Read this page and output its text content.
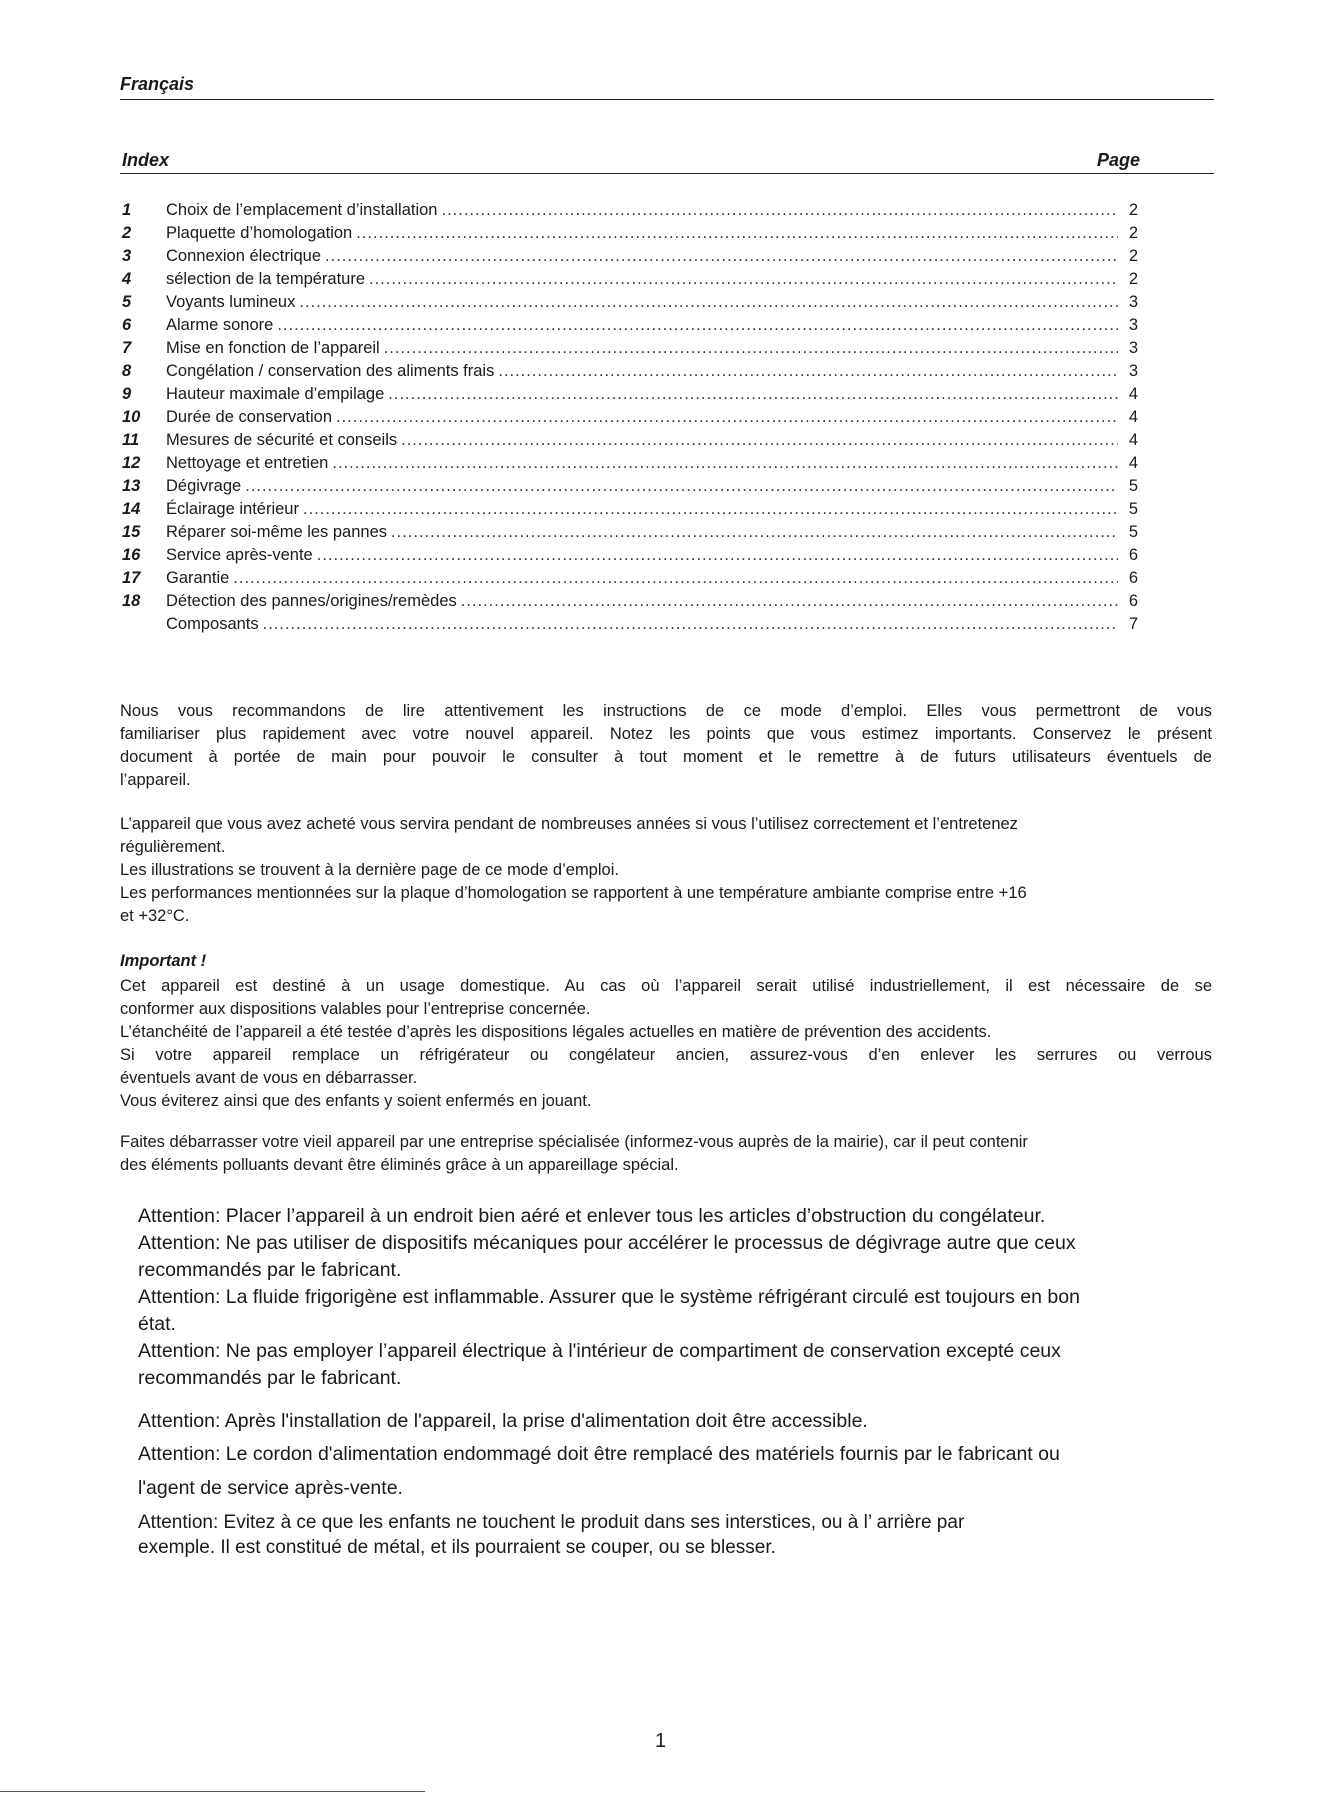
Français
Index	Page
1	Choix de l’emplacement d’installation .....	2
2	Plaquette d’homologation .....	2
3	Connexion électrique .....	2
4	sélection de la température .....	2
5	Voyants lumineux .....	3
6	Alarme sonore .....	3
7	Mise en fonction de l’appareil .....	3
8	Congélation / conservation des aliments frais .....	3
9	Hauteur maximale d’empilage .....	4
10	Durée de conservation .....	4
11	Mesures de sécurité et conseils .....	4
12	Nettoyage et entretien .....	4
13	Dégivrage .....	5
14	Éclairage intérieur .....	5
15	Réparer soi-même les pannes .....	5
16	Service après-vente .....	6
17	Garantie .....	6
18	Détection des pannes/origines/remèdes .....	6
Composants .....	7
Nous vous recommandons de lire attentivement les instructions de ce mode d’emploi. Elles vous permettront de vous
familiariser plus rapidement avec votre nouvel appareil. Notez les points que vous estimez importants. Conservez le présent
document à portée de main pour pouvoir le consulter à tout moment et le remettre à de futurs utilisateurs éventuels de
l’appareil.
L’appareil que vous avez acheté vous servira pendant de nombreuses années si vous l’utilisez correctement et l’entretenez
régulièrement.
Les illustrations se trouvent à la dernière page de ce mode d’emploi.
Les performances mentionnées sur la plaque d’homologation se rapportent à une température ambiante comprise entre +16
et +32°C.
Important !
Cet appareil est destiné à un usage domestique. Au cas où l’appareil serait utilisé industriellement, il est nécessaire de se
conformer aux dispositions valables pour l’entreprise concernée.
L’étanchéité de l’appareil a été testée d’après les dispositions légales actuelles en matière de prévention des accidents.
Si votre appareil remplace un réfrigérateur ou congélateur ancien, assurez-vous d’en enlever les serrures ou verrous
éventuels avant de vous en débarrasser.
Vous éviterez ainsi que des enfants y soient enfermés en jouant.
Faites débarrasser votre vieil appareil par une entreprise spécialisée (informez-vous auprès de la mairie), car il peut contenir
des éléments polluants devant être éliminés grâce à un appareillage spécial.
Attention: Placer l’appareil à un endroit bien aéré et enlever tous les articles d’obstruction du congélateur.
Attention: Ne pas utiliser de dispositifs mécaniques pour accélérer le processus de dégivrage autre que ceux
recommandés par le fabricant.
Attention: La fluide frigorigène est inflammable. Assurer que le système réfrigérant circulé est toujours en bon
état.
Attention: Ne pas employer l’appareil électrique à l'intérieur de compartiment de conservation excepté ceux
recommandés par le fabricant.
Attention: Après l'installation de l'appareil, la prise d'alimentation doit être accessible.
Attention: Le cordon d'alimentation endommagé doit être remplacé des matériels fournis par le fabricant ou
l'agent de service après-vente.
Attention: Evitez à ce que les enfants ne touchent le produit dans ses interstices, ou à l’ arrière par
exemple. Il est constitué de métal, et ils pourraient se couper, ou se blesser.
1
